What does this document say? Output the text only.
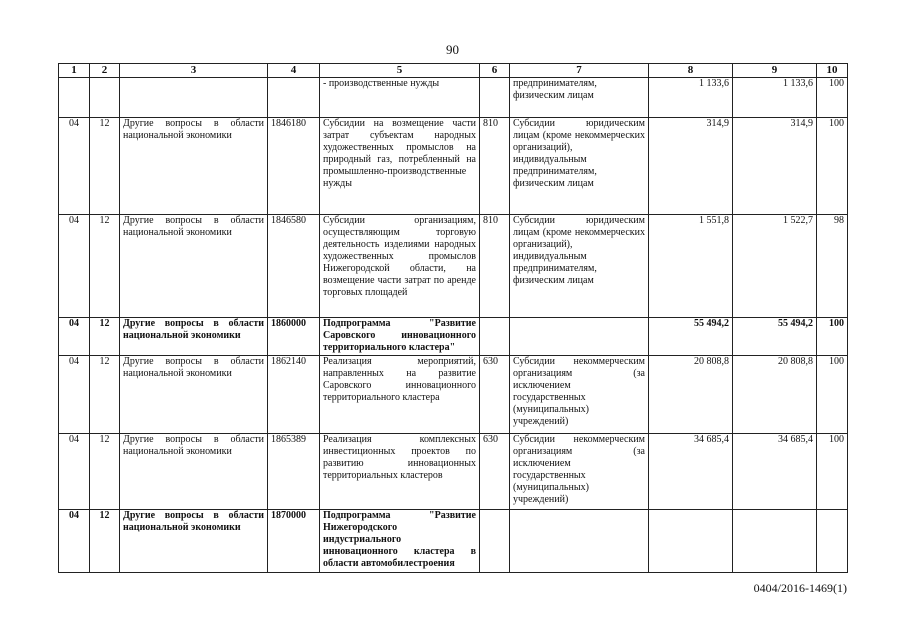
90
1	2	3	4	5	6	7	8	9	10
				- производственные нужды		предпринимателям, физическим лицам	1 133,6	1 133,6	100
04	12	Другие вопросы в области национальной экономики	1846180	Субсидии на возмещение части затрат субъектам народных художественных промыслов на природный газ, потребленный на промышленно-производственные нужды	810	Субсидии юридическим лицам (кроме некоммерческих организаций), индивидуальным предпринимателям, физическим лицам	314,9	314,9	100
04	12	Другие вопросы в области национальной экономики	1846580	Субсидии организациям, осуществляющим торговую деятельность изделиями народных художественных промыслов Нижегородской области, на возмещение части затрат по аренде торговых площадей	810	Субсидии юридическим лицам (кроме некоммерческих организаций), индивидуальным предпринимателям, физическим лицам	1 551,8	1 522,7	98
04	12	Другие вопросы в области национальной экономики	1860000	Подпрограмма "Развитие Саровского инновационного территориального кластера"			55 494,2	55 494,2	100
04	12	Другие вопросы в области национальной экономики	1862140	Реализация мероприятий, направленных на развитие Саровского инновационного территориального кластера	630	Субсидии некоммерческим организациям (за исключением государственных (муниципальных) учреждений)	20 808,8	20 808,8	100
04	12	Другие вопросы в области национальной экономики	1865389	Реализация комплексных инвестиционных проектов по развитию инновационных территориальных кластеров	630	Субсидии некоммерческим организациям (за исключением государственных (муниципальных) учреждений)	34 685,4	34 685,4	100
04	12	Другие вопросы в области национальной экономики	1870000	Подпрограмма "Развитие Нижегородского индустриального инновационного кластера в области автомобилестроения					
0404/2016-1469(1)
